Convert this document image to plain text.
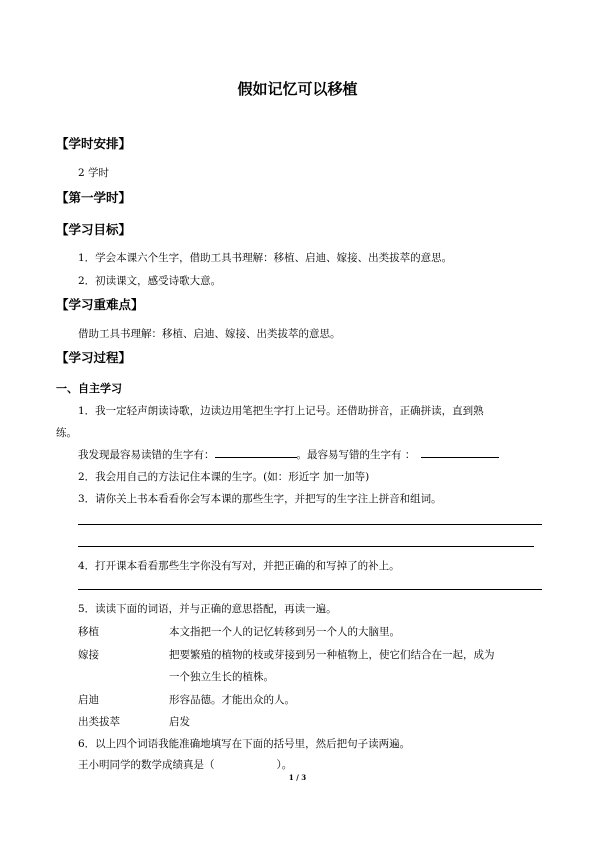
假如记忆可以移植
【学时安排】
2 学时
【第一学时】
【学习目标】
1．学会本课六个生字，借助工具书理解：移植、启迪、嫁接、出类拔萃的意思。
2．初读课文，感受诗歌大意。
【学习重难点】
借助工具书理解：移植、启迪、嫁接、出类拔萃的意思。
【学习过程】
一、自主学习
1．我一定轻声朗读诗歌，边读边用笔把生字打上记号。还借助拼音，正确拼读，直到熟
练。
我发现最容易读错的生字有：	。最容易写错的生字有 ：
2．我会用自己的方法记住本课的生字。(如：形近字 加一加等)
3．请你关上书本看看你会写本课的那些生字，并把写的生字注上拼音和组词。
4．打开课本看看那些生字你没有写对，并把正确的和写掉了的补上。
5．读读下面的词语，并与正确的意思搭配，再读一遍。
移植	本文指把一个人的记忆转移到另一个人的大脑里。
嫁接	把要繁殖的植物的枝或芽接到另一种植物上，使它们结合在一起，成为
一个独立生长的植株。
启迪	形容品德。才能出众的人。
出类拔萃	启发
6．以上四个词语我能准确地填写在下面的括号里，然后把句子读两遍。
王小明同学的数学成绩真是（	）。
1 / 3
